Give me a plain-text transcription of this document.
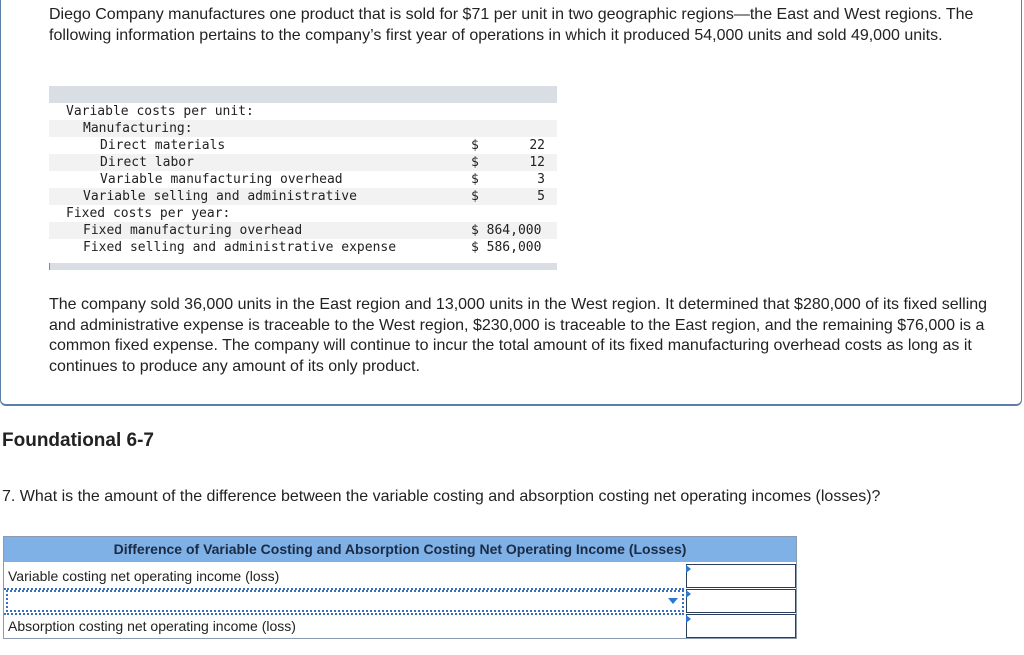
Diego Company manufactures one product that is sold for $71 per unit in two geographic regions—the East and West regions. The following information pertains to the company’s first year of operations in which it produced 54,000 units and sold 49,000 units.
Variable costs per unit:
Manufacturing:
Direct materials	$	22
Direct labor	$	12
Variable manufacturing overhead	$	3
Variable selling and administrative	$	5
Fixed costs per year:
Fixed manufacturing overhead	$ 864,000
Fixed selling and administrative expense	$ 586,000
The company sold 36,000 units in the East region and 13,000 units in the West region. It determined that $280,000 of its fixed selling and administrative expense is traceable to the West region, $230,000 is traceable to the East region, and the remaining $76,000 is a common fixed expense. The company will continue to incur the total amount of its fixed manufacturing overhead costs as long as it continues to produce any amount of its only product.
Foundational 6-7
7. What is the amount of the difference between the variable costing and absorption costing net operating incomes (losses)?
Difference of Variable Costing and Absorption Costing Net Operating Income (Losses)
Variable costing net operating income (loss)
Absorption costing net operating income (loss)
